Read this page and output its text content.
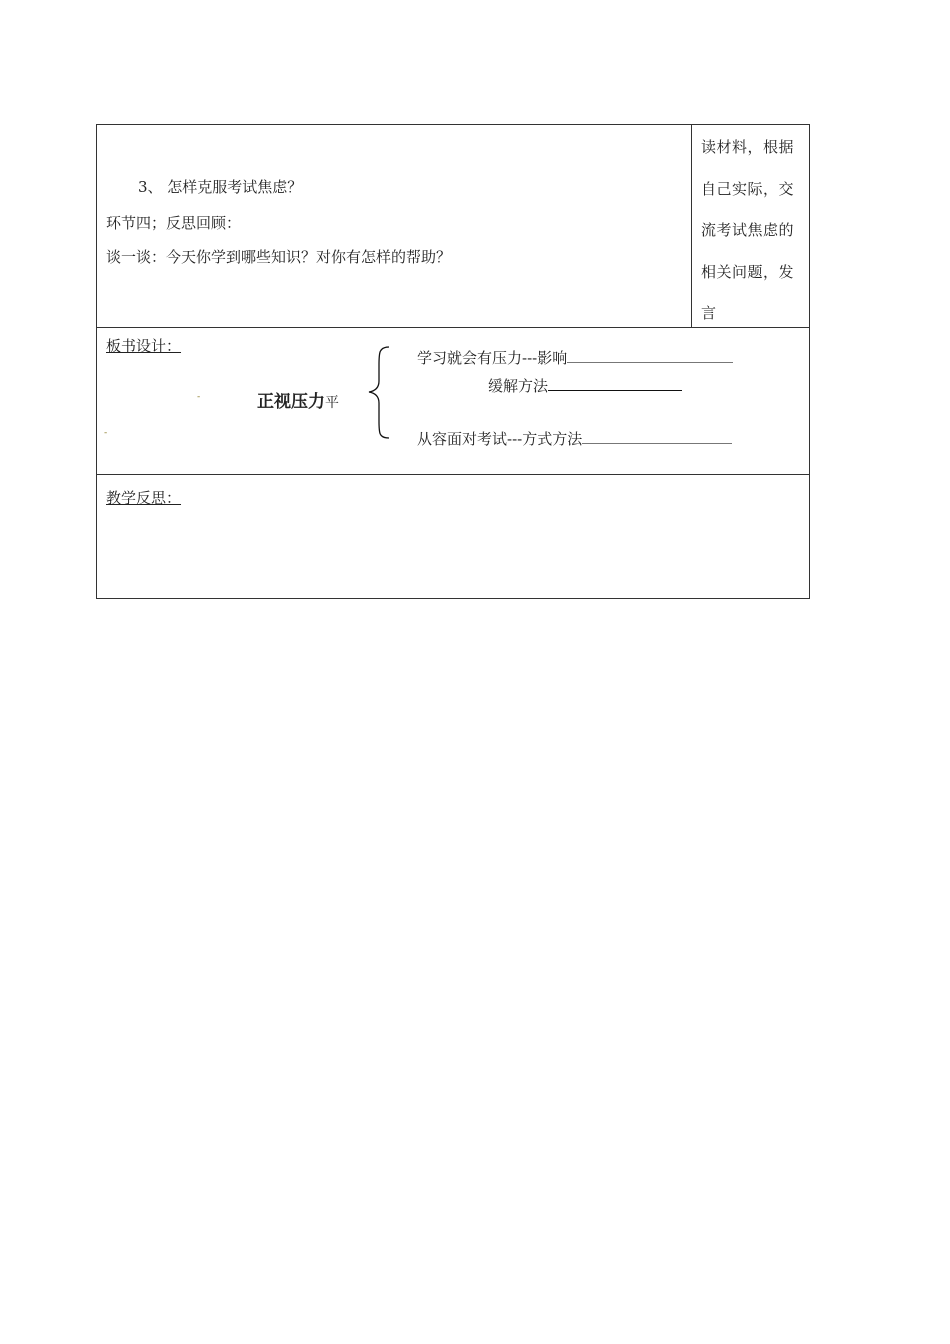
3、 怎样克服考试焦虑？
环节四；反思回顾：
谈一谈：今天你学到哪些知识？对你有怎样的帮助？
读材料，根据自己实际，交流考试焦虑的相关问题，发言
板书设计：
-
-
正视压力平
学习就会有压力---影响
缓解方法
从容面对考试---方式方法
教学反思：
